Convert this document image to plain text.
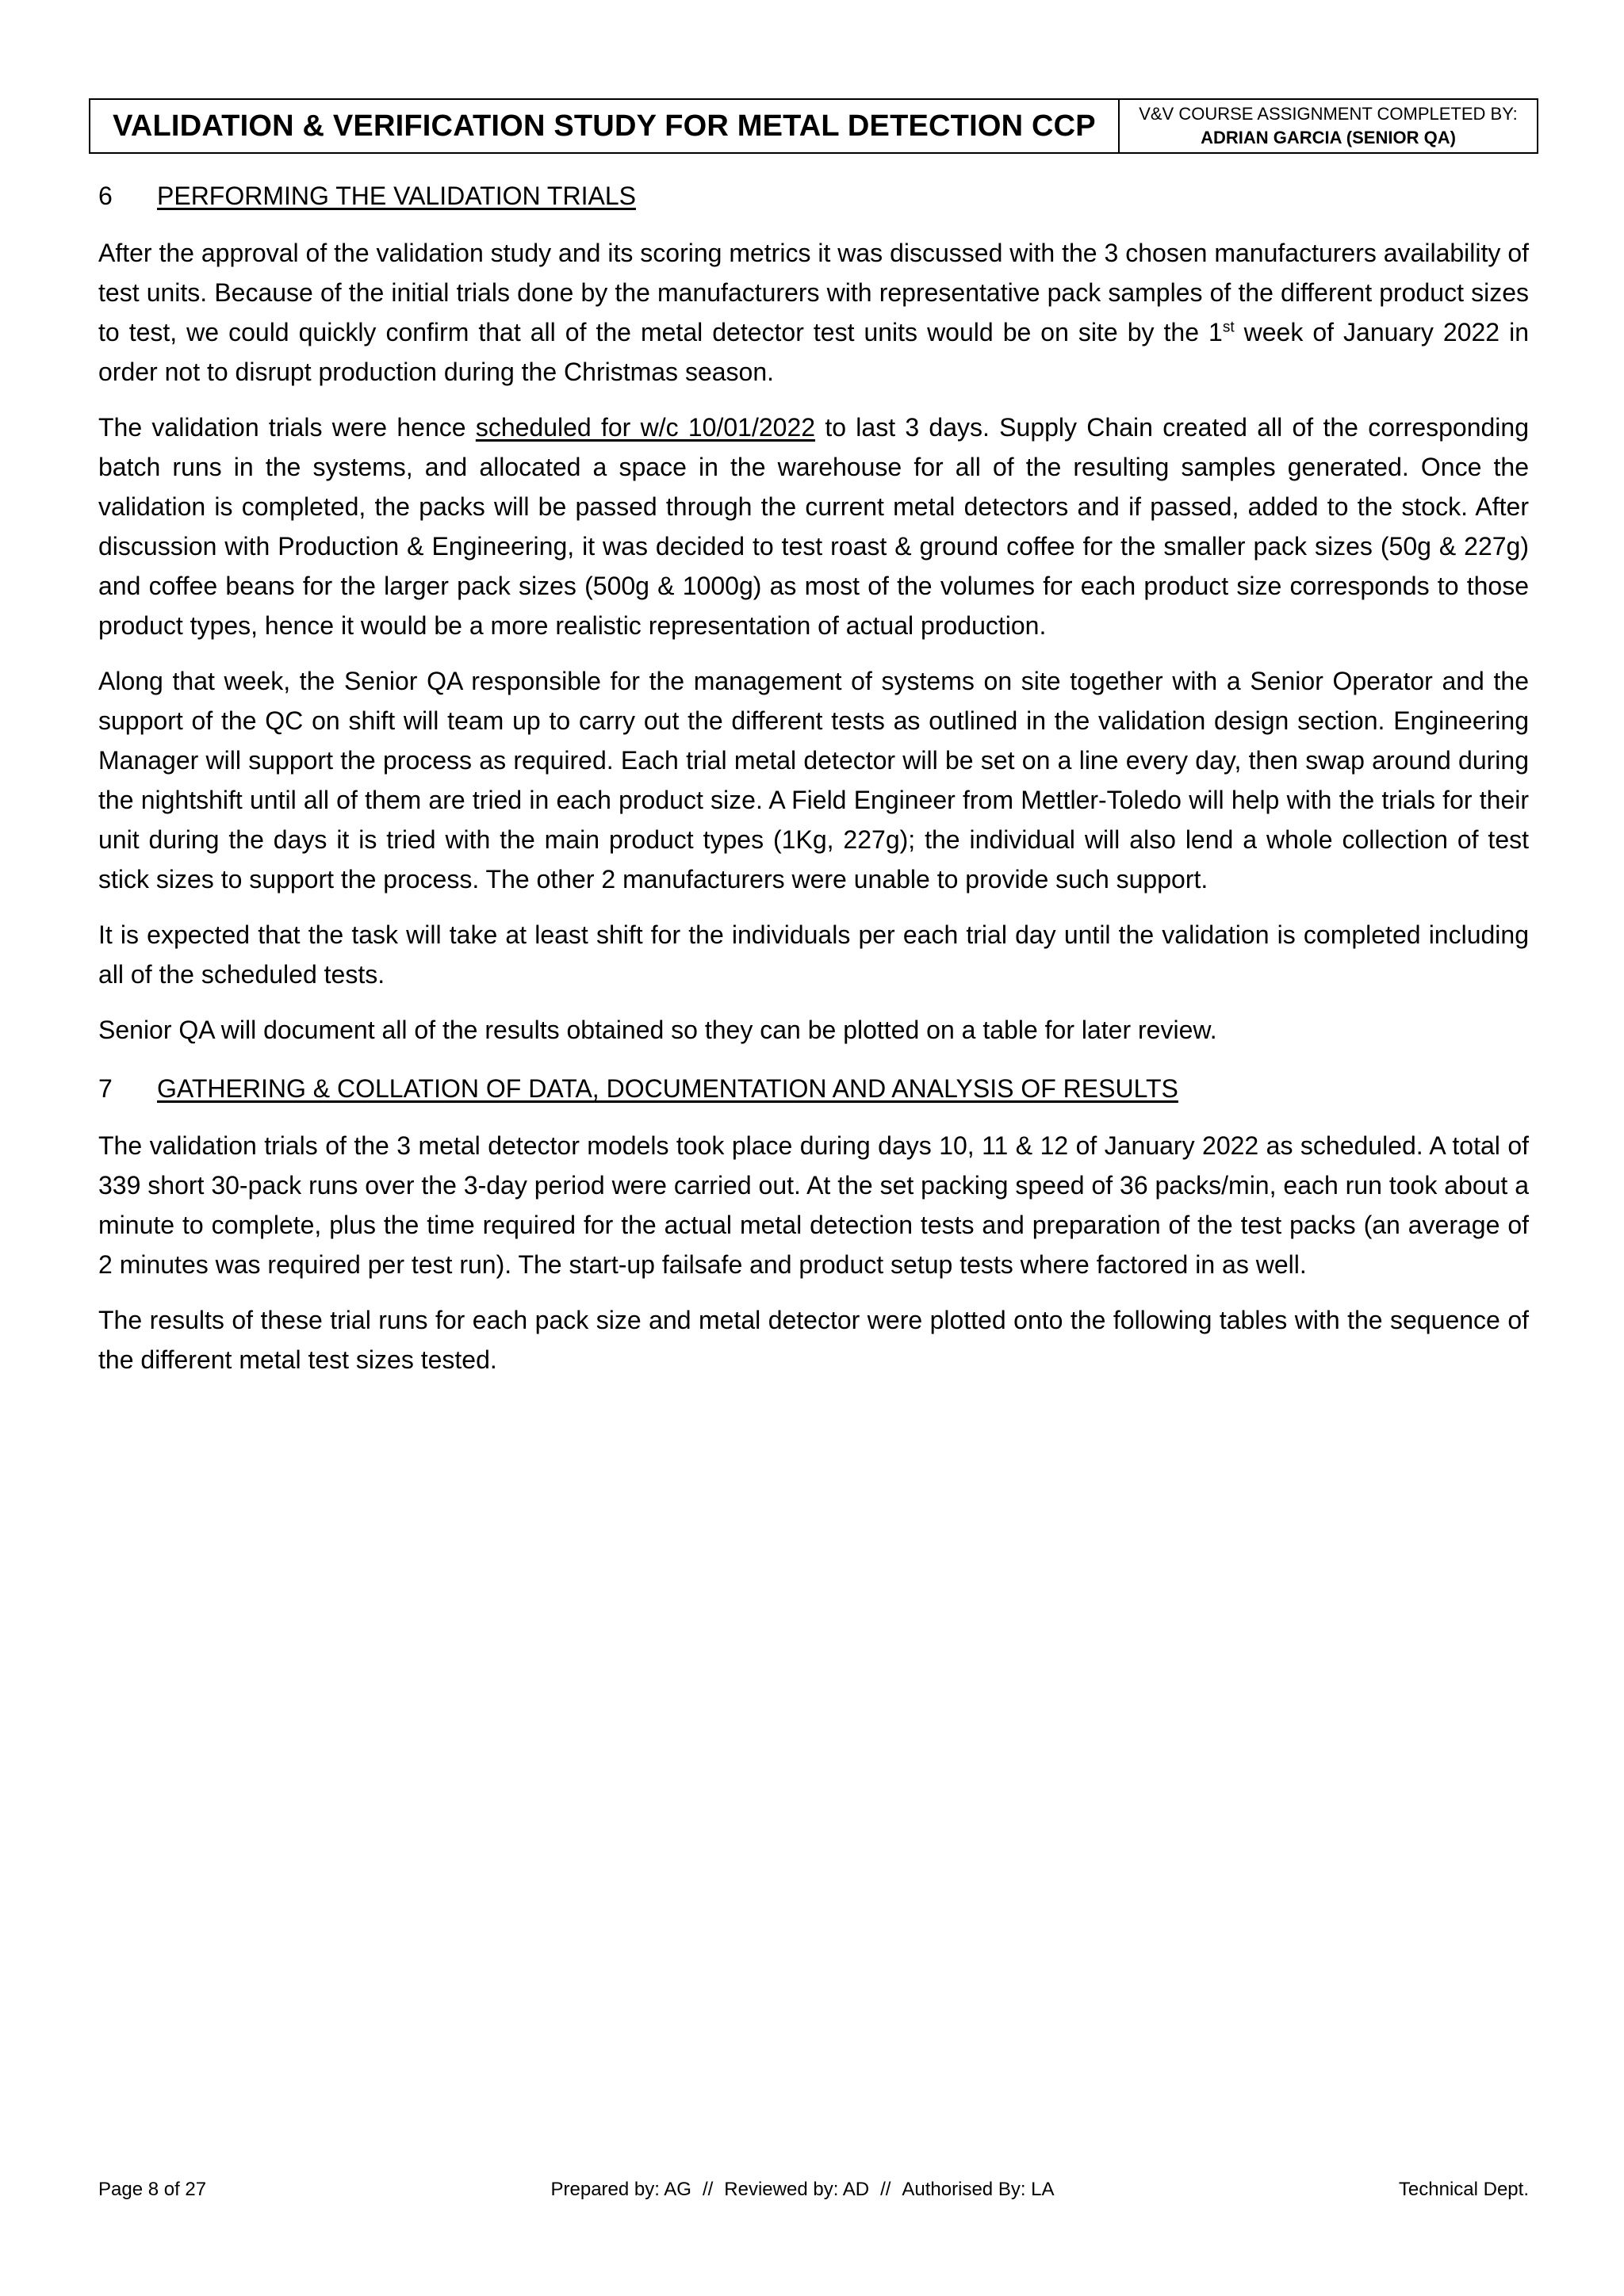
VALIDATION & VERIFICATION STUDY FOR METAL DETECTION CCP	V&V COURSE ASSIGNMENT COMPLETED BY:
ADRIAN GARCIA (SENIOR QA)
6	PERFORMING THE VALIDATION TRIALS

After the approval of the validation study and its scoring metrics it was discussed with the 3 chosen manufacturers availability of test units. Because of the initial trials done by the manufacturers with representative pack samples of the different product sizes to test, we could quickly confirm that all of the metal detector test units would be on site by the 1st week of January 2022 in order not to disrupt production during the Christmas season.

The validation trials were hence scheduled for w/c 10/01/2022 to last 3 days. Supply Chain created all of the corresponding batch runs in the systems, and allocated a space in the warehouse for all of the resulting samples generated. Once the validation is completed, the packs will be passed through the current metal detectors and if passed, added to the stock. After discussion with Production & Engineering, it was decided to test roast & ground coffee for the smaller pack sizes (50g & 227g) and coffee beans for the larger pack sizes (500g & 1000g) as most of the volumes for each product size corresponds to those product types, hence it would be a more realistic representation of actual production.

Along that week, the Senior QA responsible for the management of systems on site together with a Senior Operator and the support of the QC on shift will team up to carry out the different tests as outlined in the validation design section. Engineering Manager will support the process as required. Each trial metal detector will be set on a line every day, then swap around during the nightshift until all of them are tried in each product size. A Field Engineer from Mettler-Toledo will help with the trials for their unit during the days it is tried with the main product types (1Kg, 227g); the individual will also lend a whole collection of test stick sizes to support the process. The other 2 manufacturers were unable to provide such support.

It is expected that the task will take at least shift for the individuals per each trial day until the validation is completed including all of the scheduled tests.

Senior QA will document all of the results obtained so they can be plotted on a table for later review.

7	GATHERING & COLLATION OF DATA, DOCUMENTATION AND ANALYSIS OF RESULTS

The validation trials of the 3 metal detector models took place during days 10, 11 & 12 of January 2022 as scheduled. A total of 339 short 30-pack runs over the 3-day period were carried out. At the set packing speed of 36 packs/min, each run took about a minute to complete, plus the time required for the actual metal detection tests and preparation of the test packs (an average of 2 minutes was required per test run). The start-up failsafe and product setup tests where factored in as well.

The results of these trial runs for each pack size and metal detector were plotted onto the following tables with the sequence of the different metal test sizes tested.

Page 8 of 27	Prepared by: AG // Reviewed by: AD // Authorised By: LA	Technical Dept.
